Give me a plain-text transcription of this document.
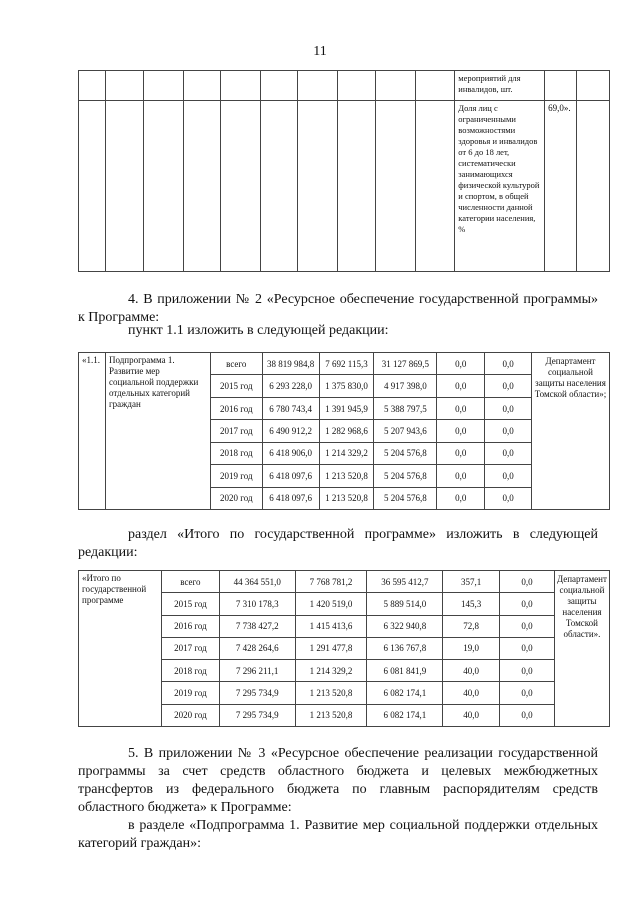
11
										мероприятий для инвалидов, шт.		
										Доля лиц с ограниченными возможностями здоровья и инвалидов от 6 до 18 лет, систематически занимающихся физической культурой и спортом, в общей численности данной категории населения, %	69,0».	
4. В приложении № 2 «Ресурсное обеспечение государственной программы»
к Программе:
пункт 1.1 изложить в следующей редакции:
«1.1.	Подпрограмма 1. Развитие мер социальной поддержки отдельных категорий граждан	всего	38 819 984,8	7 692 115,3	31 127 869,5	0,0	0,0	Департамент социальной защиты населения Томской области»;
		2015 год	6 293 228,0	1 375 830,0	4 917 398,0	0,0	0,0	
		2016 год	6 780 743,4	1 391 945,9	5 388 797,5	0,0	0,0	
		2017 год	6 490 912,2	1 282 968,6	5 207 943,6	0,0	0,0	
		2018 год	6 418 906,0	1 214 329,2	5 204 576,8	0,0	0,0	
		2019 год	6 418 097,6	1 213 520,8	5 204 576,8	0,0	0,0	
		2020 год	6 418 097,6	1 213 520,8	5 204 576,8	0,0	0,0	
раздел «Итого по государственной программе» изложить в следующей
редакции:
«Итого по государственной программе	всего	44 364 551,0	7 768 781,2	36 595 412,7	357,1	0,0	Департамент социальной защиты населения Томской области».
	2015 год	7 310 178,3	1 420 519,0	5 889 514,0	145,3	0,0	
	2016 год	7 738 427,2	1 415 413,6	6 322 940,8	72,8	0,0	
	2017 год	7 428 264,6	1 291 477,8	6 136 767,8	19,0	0,0	
	2018 год	7 296 211,1	1 214 329,2	6 081 841,9	40,0	0,0	
	2019 год	7 295 734,9	1 213 520,8	6 082 174,1	40,0	0,0	
	2020 год	7 295 734,9	1 213 520,8	6 082 174,1	40,0	0,0	
5. В приложении № 3 «Ресурсное обеспечение реализации государственной
программы за счет средств областного бюджета и целевых межбюджетных
трансфертов из федерального бюджета по главным распорядителям средств
областного бюджета» к Программе:
в разделе «Подпрограмма 1. Развитие мер социальной поддержки отдельных
категорий граждан»:
